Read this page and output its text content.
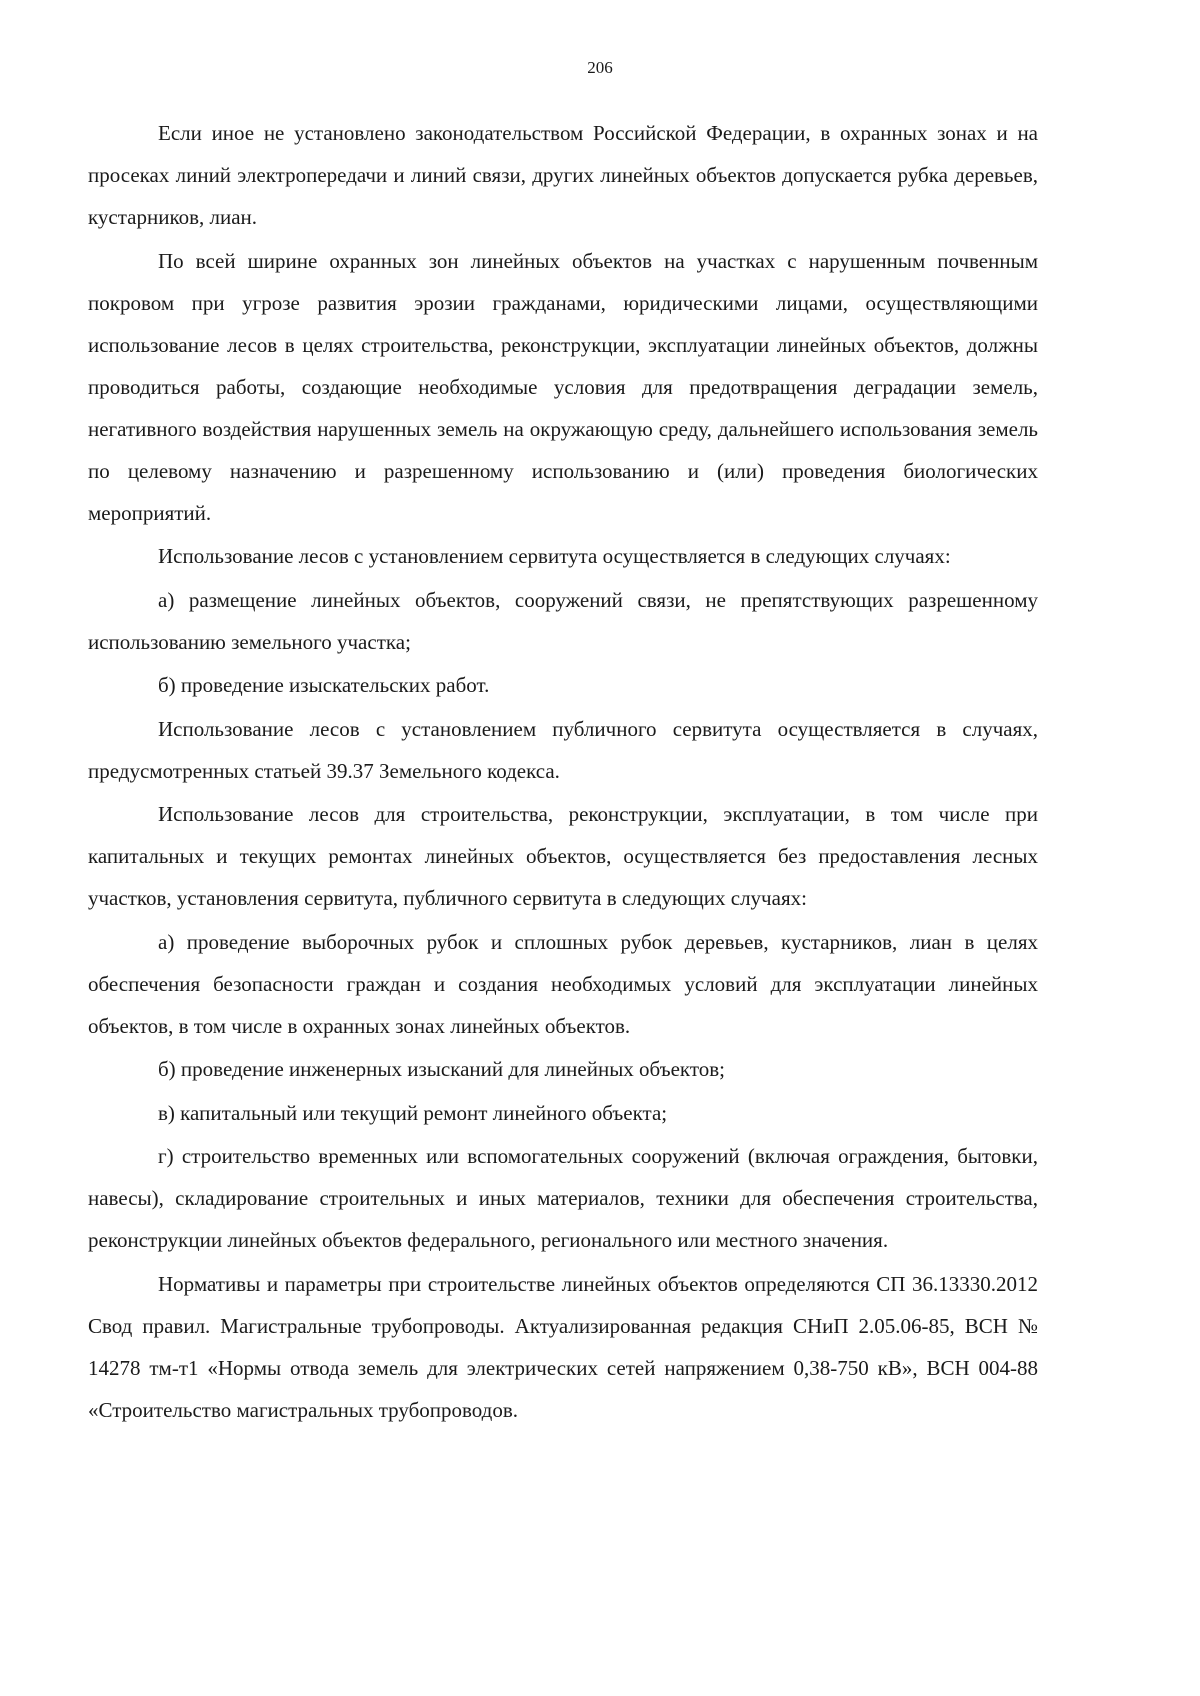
206

Если иное не установлено законодательством Российской Федерации, в охранных зонах и на просеках линий электропередачи и линий связи, других линейных объектов допускается рубка деревьев, кустарников, лиан.

По всей ширине охранных зон линейных объектов на участках с нарушенным почвенным покровом при угрозе развития эрозии гражданами, юридическими лицами, осуществляющими использование лесов в целях строительства, реконструкции, эксплуатации линейных объектов, должны проводиться работы, создающие необходимые условия для предотвращения деградации земель, негативного воздействия нарушенных земель на окружающую среду, дальнейшего использования земель по целевому назначению и разрешенному использованию и (или) проведения биологических мероприятий.

Использование лесов с установлением сервитута осуществляется в следующих случаях:

а) размещение линейных объектов, сооружений связи, не препятствующих разрешенному использованию земельного участка;

б) проведение изыскательских работ.

Использование лесов с установлением публичного сервитута осуществляется в случаях, предусмотренных статьей 39.37 Земельного кодекса.

Использование лесов для строительства, реконструкции, эксплуатации, в том числе при капитальных и текущих ремонтах линейных объектов, осуществляется без предоставления лесных участков, установления сервитута, публичного сервитута в следующих случаях:

а) проведение выборочных рубок и сплошных рубок деревьев, кустарников, лиан в целях обеспечения безопасности граждан и создания необходимых условий для эксплуатации линейных объектов, в том числе в охранных зонах линейных объектов.

б) проведение инженерных изысканий для линейных объектов;

в) капитальный или текущий ремонт линейного объекта;

г) строительство временных или вспомогательных сооружений (включая ограждения, бытовки, навесы), складирование строительных и иных материалов, техники для обеспечения строительства, реконструкции линейных объектов федерального, регионального или местного значения.

Нормативы и параметры при строительстве линейных объектов определяются СП 36.13330.2012 Свод правил. Магистральные трубопроводы. Актуализированная редакция СНиП 2.05.06-85, ВСН № 14278 тм-т1 «Нормы отвода земель для электрических сетей напряжением 0,38-750 кВ», ВСН 004-88 «Строительство магистральных трубопроводов.
